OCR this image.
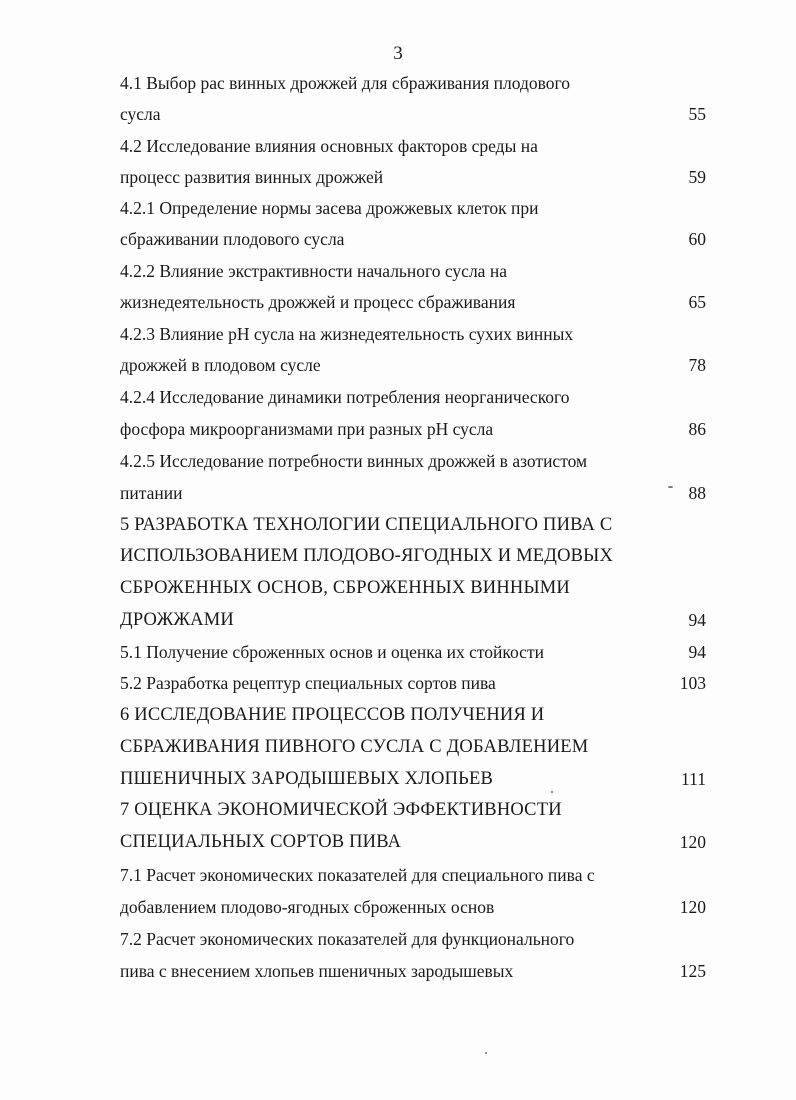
3
4.1 Выбор рас винных дрожжей для сбраживания плодового
сусла	55
4.2 Исследование влияния основных факторов среды на
процесс развития винных дрожжей	59
4.2.1 Определение нормы засева дрожжевых клеток при
сбраживании плодового сусла	60
4.2.2 Влияние экстрактивности начального сусла на
жизнедеятельность дрожжей и процесс сбраживания	65
4.2.3 Влияние pH сусла на жизнедеятельность сухих винных
дрожжей в плодовом сусле	78
4.2.4 Исследование динамики потребления неорганического
фосфора микроорганизмами при разных pH сусла	86
4.2.5 Исследование потребности винных дрожжей в азотистом
питании	88
5 РАЗРАБОТКА ТЕХНОЛОГИИ СПЕЦИАЛЬНОГО ПИВА С
ИСПОЛЬЗОВАНИЕМ ПЛОДОВО-ЯГОДНЫХ И МЕДОВЫХ
СБРОЖЕННЫХ ОСНОВ, СБРОЖЕННЫХ ВИННЫМИ
ДРОЖЖАМИ	94
5.1 Получение сброженных основ и оценка их стойкости	94
5.2 Разработка рецептур специальных сортов пива	103
6 ИССЛЕДОВАНИЕ ПРОЦЕССОВ ПОЛУЧЕНИЯ И
СБРАЖИВАНИЯ ПИВНОГО СУСЛА С ДОБАВЛЕНИЕМ
ПШЕНИЧНЫХ ЗАРОДЫШЕВЫХ ХЛОПЬЕВ	111
7 ОЦЕНКА ЭКОНОМИЧЕСКОЙ ЭФФЕКТИВНОСТИ
СПЕЦИАЛЬНЫХ СОРТОВ ПИВА	120
7.1 Расчет экономических показателей для специального пива с
добавлением плодово-ягодных сброженных основ	120
7.2 Расчет экономических показателей для функционального
пива с внесением хлопьев пшеничных зародышевых	125
